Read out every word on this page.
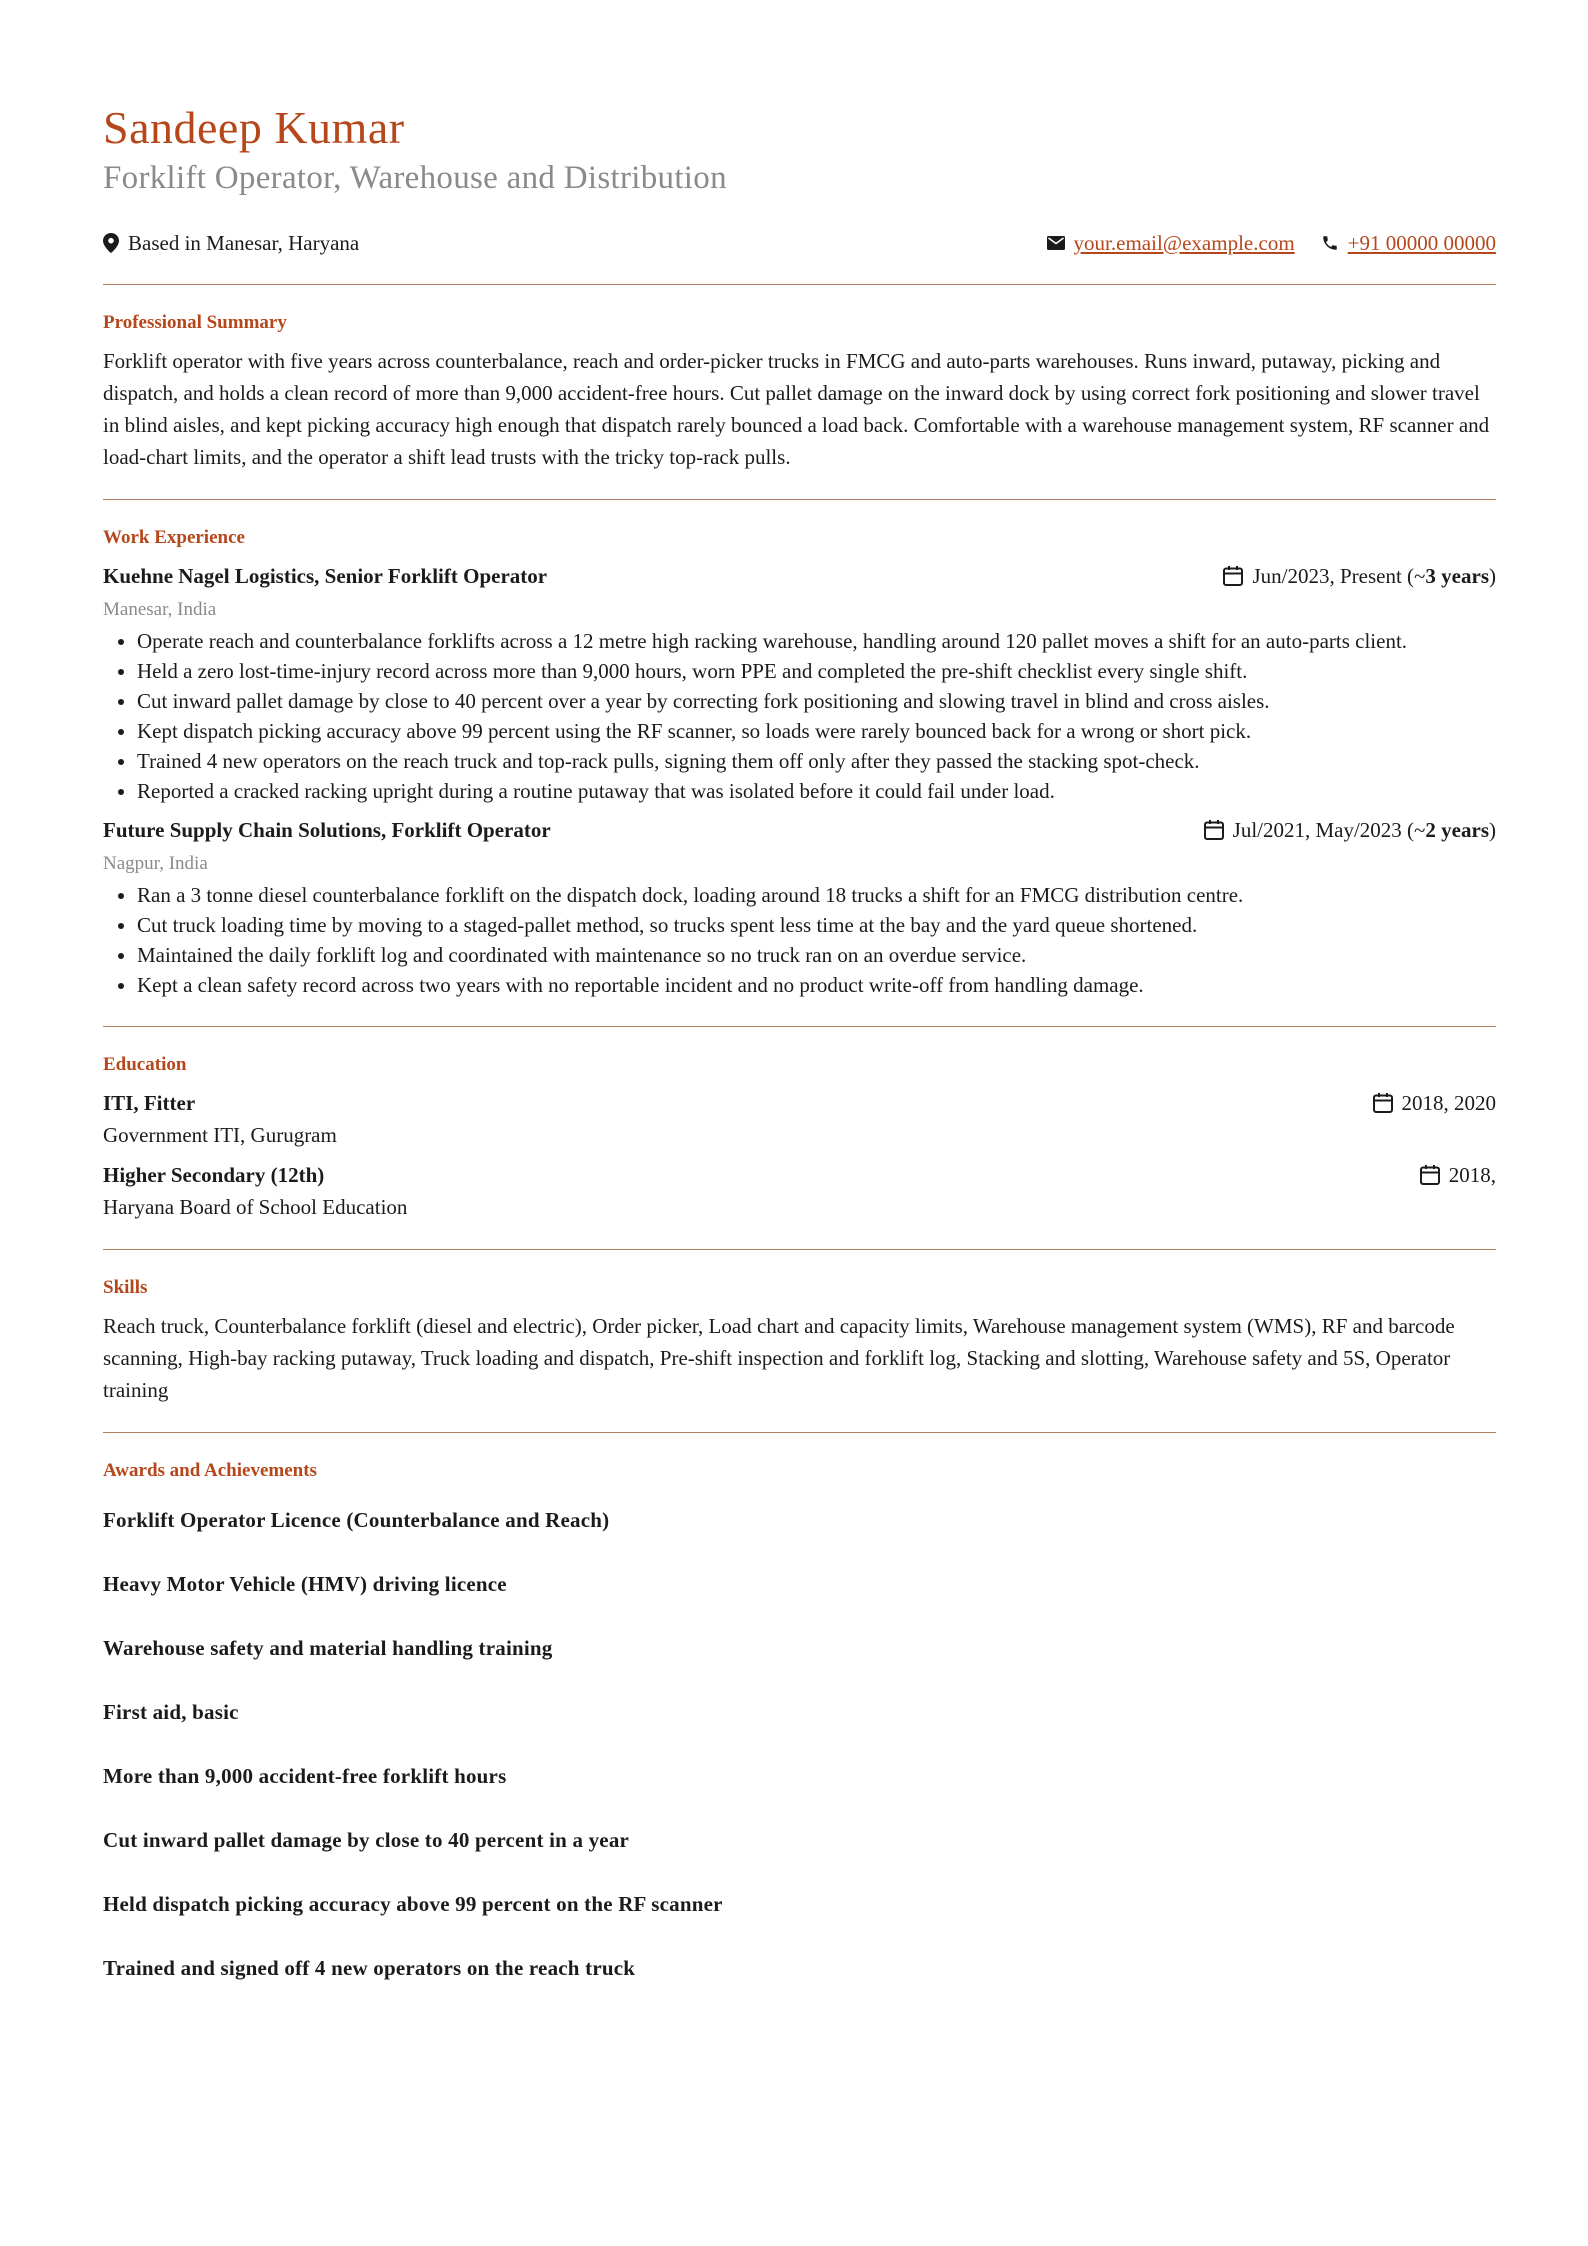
Sandeep Kumar

Forklift Operator, Warehouse and Distribution

Based in Manesar, Haryana	your.email@example.com	+91 00000 00000
Professional Summary

Forklift operator with five years across counterbalance, reach and order-picker trucks in FMCG and auto-parts warehouses. Runs inward, putaway, picking and dispatch, and holds a clean record of more than 9,000 accident-free hours. Cut pallet damage on the inward dock by using correct fork positioning and slower travel in blind aisles, and kept picking accuracy high enough that dispatch rarely bounced a load back. Comfortable with a warehouse management system, RF scanner and load-chart limits, and the operator a shift lead trusts with the tricky top-rack pulls.

Work Experience
Kuehne Nagel Logistics, Senior Forklift Operator	Jun/2023, Present (~ 3 years )
Manesar, India
• Operate reach and counterbalance forklifts across a 12 metre high racking warehouse, handling around 120 pallet moves a shift for an auto-parts client.
• Held a zero lost-time-injury record across more than 9,000 hours, worn PPE and completed the pre-shift checklist every single shift.
• Cut inward pallet damage by close to 40 percent over a year by correcting fork positioning and slowing travel in blind and cross aisles.
• Kept dispatch picking accuracy above 99 percent using the RF scanner, so loads were rarely bounced back for a wrong or short pick.
• Trained 4 new operators on the reach truck and top-rack pulls, signing them off only after they passed the stacking spot-check.
• Reported a cracked racking upright during a routine putaway that was isolated before it could fail under load.
Future Supply Chain Solutions, Forklift Operator	Jul/2021, May/2023 (~ 2 years )
Nagpur, India
• Ran a 3 tonne diesel counterbalance forklift on the dispatch dock, loading around 18 trucks a shift for an FMCG distribution centre.
• Cut truck loading time by moving to a staged-pallet method, so trucks spent less time at the bay and the yard queue shortened.
• Maintained the daily forklift log and coordinated with maintenance so no truck ran on an overdue service.
• Kept a clean safety record across two years with no reportable incident and no product write-off from handling damage.
Education
ITI, Fitter	2018, 2020
Government ITI, Gurugram
Higher Secondary (12th)	2018,
Haryana Board of School Education
Skills

Reach truck, Counterbalance forklift (diesel and electric), Order picker, Load chart and capacity limits, Warehouse management system (WMS), RF and barcode scanning, High-bay racking putaway, Truck loading and dispatch, Pre-shift inspection and forklift log, Stacking and slotting, Warehouse safety and 5S, Operator training

Awards and Achievements

Forklift Operator Licence (Counterbalance and Reach)

Heavy Motor Vehicle (HMV) driving licence

Warehouse safety and material handling training

First aid, basic

More than 9,000 accident-free forklift hours

Cut inward pallet damage by close to 40 percent in a year

Held dispatch picking accuracy above 99 percent on the RF scanner

Trained and signed off 4 new operators on the reach truck
